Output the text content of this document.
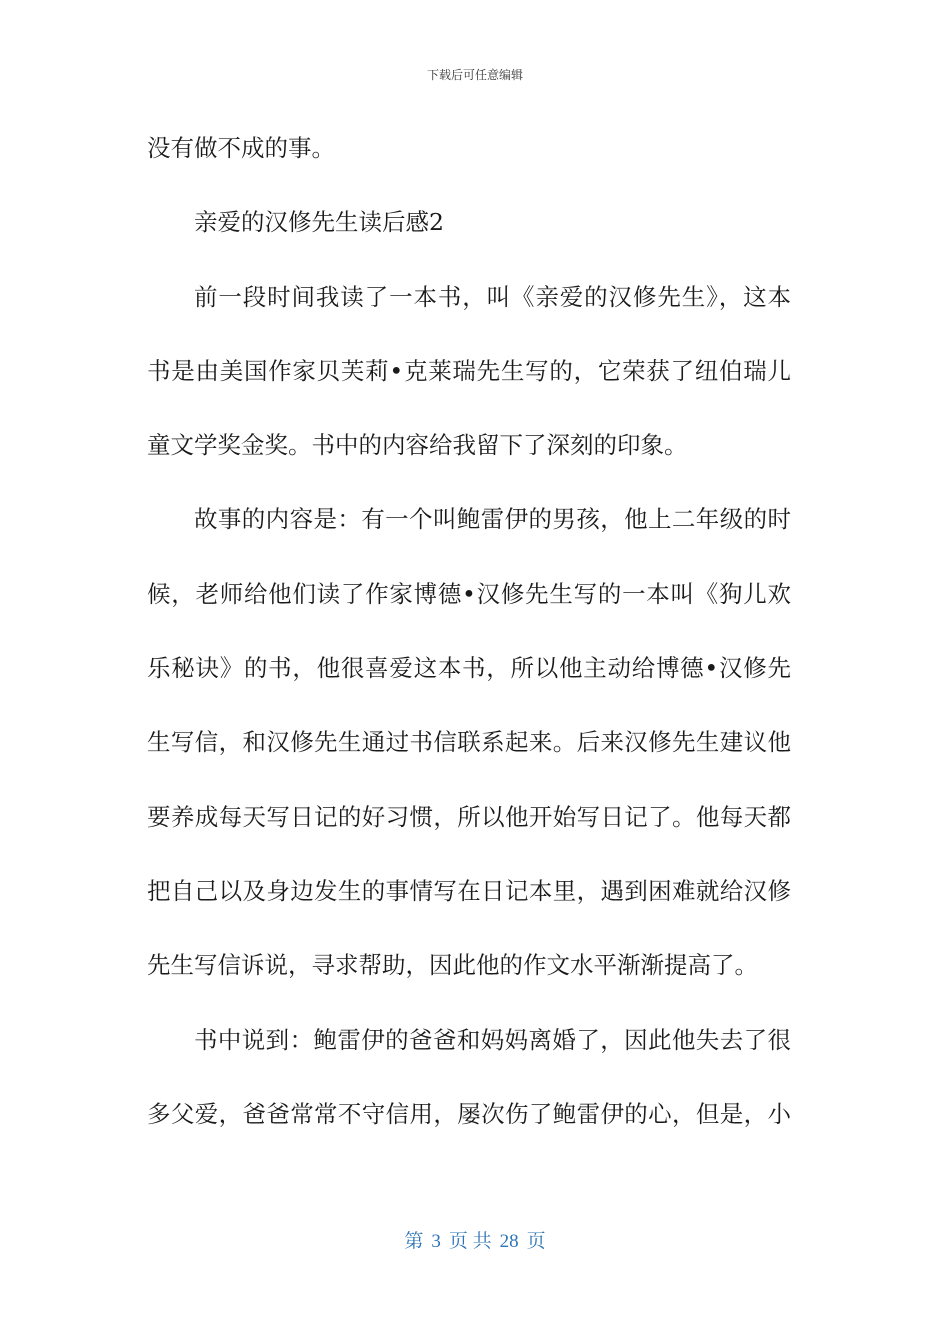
下载后可任意编辑
没有做不成的事。
亲爱的汉修先生读后感2
前一段时间我读了一本书，叫《亲爱的汉修先生》，这本
书是由美国作家贝芙莉•克莱瑞先生写的，它荣获了纽伯瑞儿
童文学奖金奖。书中的内容给我留下了深刻的印象。
故事的内容是：有一个叫鲍雷伊的男孩，他上二年级的时
候，老师给他们读了作家博德•汉修先生写的一本叫《狗儿欢
乐秘诀》的书，他很喜爱这本书，所以他主动给博德•汉修先
生写信，和汉修先生通过书信联系起来。后来汉修先生建议他
要养成每天写日记的好习惯，所以他开始写日记了。他每天都
把自己以及身边发生的事情写在日记本里，遇到困难就给汉修
先生写信诉说，寻求帮助，因此他的作文水平渐渐提高了。
书中说到：鲍雷伊的爸爸和妈妈离婚了，因此他失去了很
多父爱，爸爸常常不守信用，屡次伤了鲍雷伊的心，但是，小
第 3 页 共 28 页
